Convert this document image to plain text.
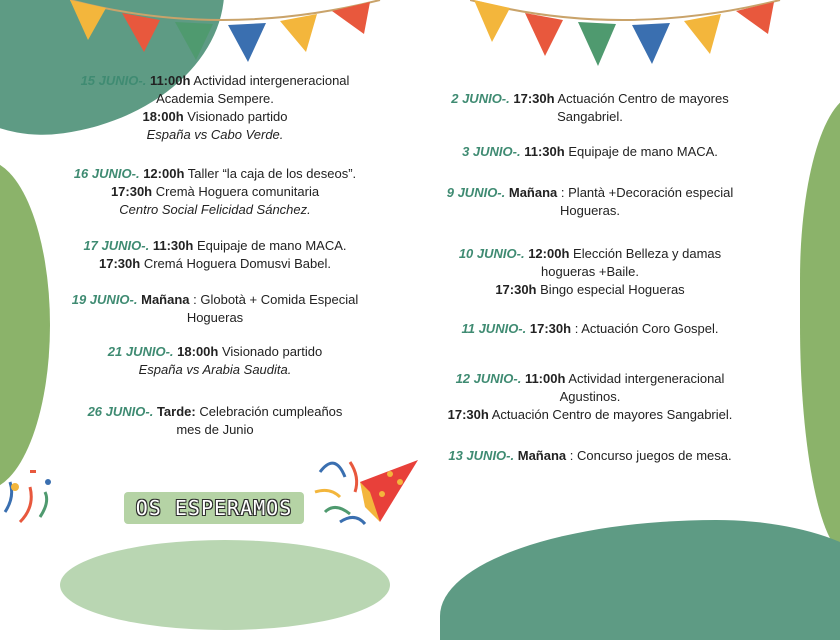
15 JUNIO-. 11:00h Actividad intergeneracional

Academia Sempere.

18:00h Visionado partido

España vs Cabo Verde.

16 JUNIO-. 12:00h Taller “la caja de los deseos”.

17:30h Cremà Hoguera comunitaria

Centro Social Felicidad Sánchez.

17 JUNIO-. 11:30h Equipaje de mano MACA.

17:30h Cremá Hoguera Domusvi Babel.

19 JUNIO-. Mañana : Globotà + Comida Especial

Hogueras

21 JUNIO-. 18:00h Visionado partido

España vs Arabia Saudita.

26 JUNIO-. Tarde: Celebración cumpleaños

mes de Junio

2 JUNIO-. 17:30h Actuación Centro de mayores

Sangabriel.

3 JUNIO-. 11:30h Equipaje de mano MACA.

9 JUNIO-. Mañana : Plantà +Decoración especial

Hogueras.

10 JUNIO-. 12:00h Elección Belleza y damas

hogueras +Baile.

17:30h Bingo especial Hogueras

11 JUNIO-. 17:30h : Actuación Coro Gospel.

12 JUNIO-. 11:00h Actividad intergeneracional

Agustinos.

17:30h Actuación Centro de mayores Sangabriel.

13 JUNIO-. Mañana : Concurso juegos de mesa.

OS ESPERAMOS
